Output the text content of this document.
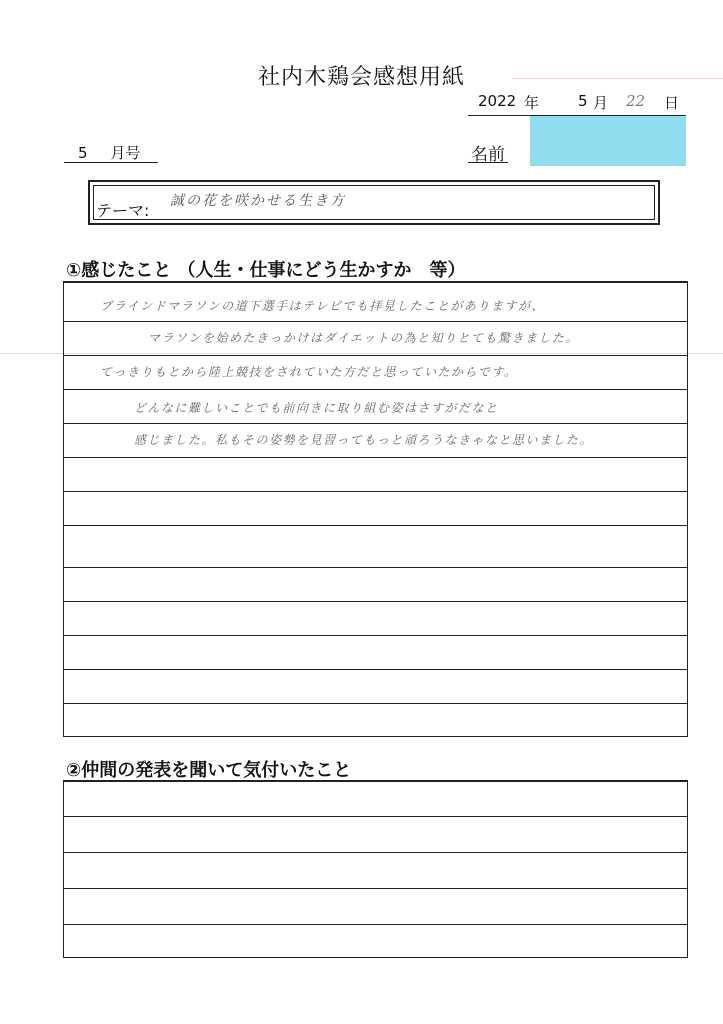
社内木鶏会感想用紙
2022 年	5 月 22 日
5 月号	名前
テーマ: 誠の花を咲かせる生き方
①感じたこと （人生・仕事にどう生かすか　等）
ブラインドマラソンの道下選手はテレビでも拝見したことがありますが、
マラソンを始めたきっかけはダイエットの為と知りとても驚きました。
てっきりもとから陸上競技をされていた方だと思っていたからです。
どんなに難しいことでも前向きに取り組む姿はさすがだなと
感じました。私もその姿勢を見習ってもっと頑ろうなきゃなと思いました。
②仲間の発表を聞いて気付いたこと
